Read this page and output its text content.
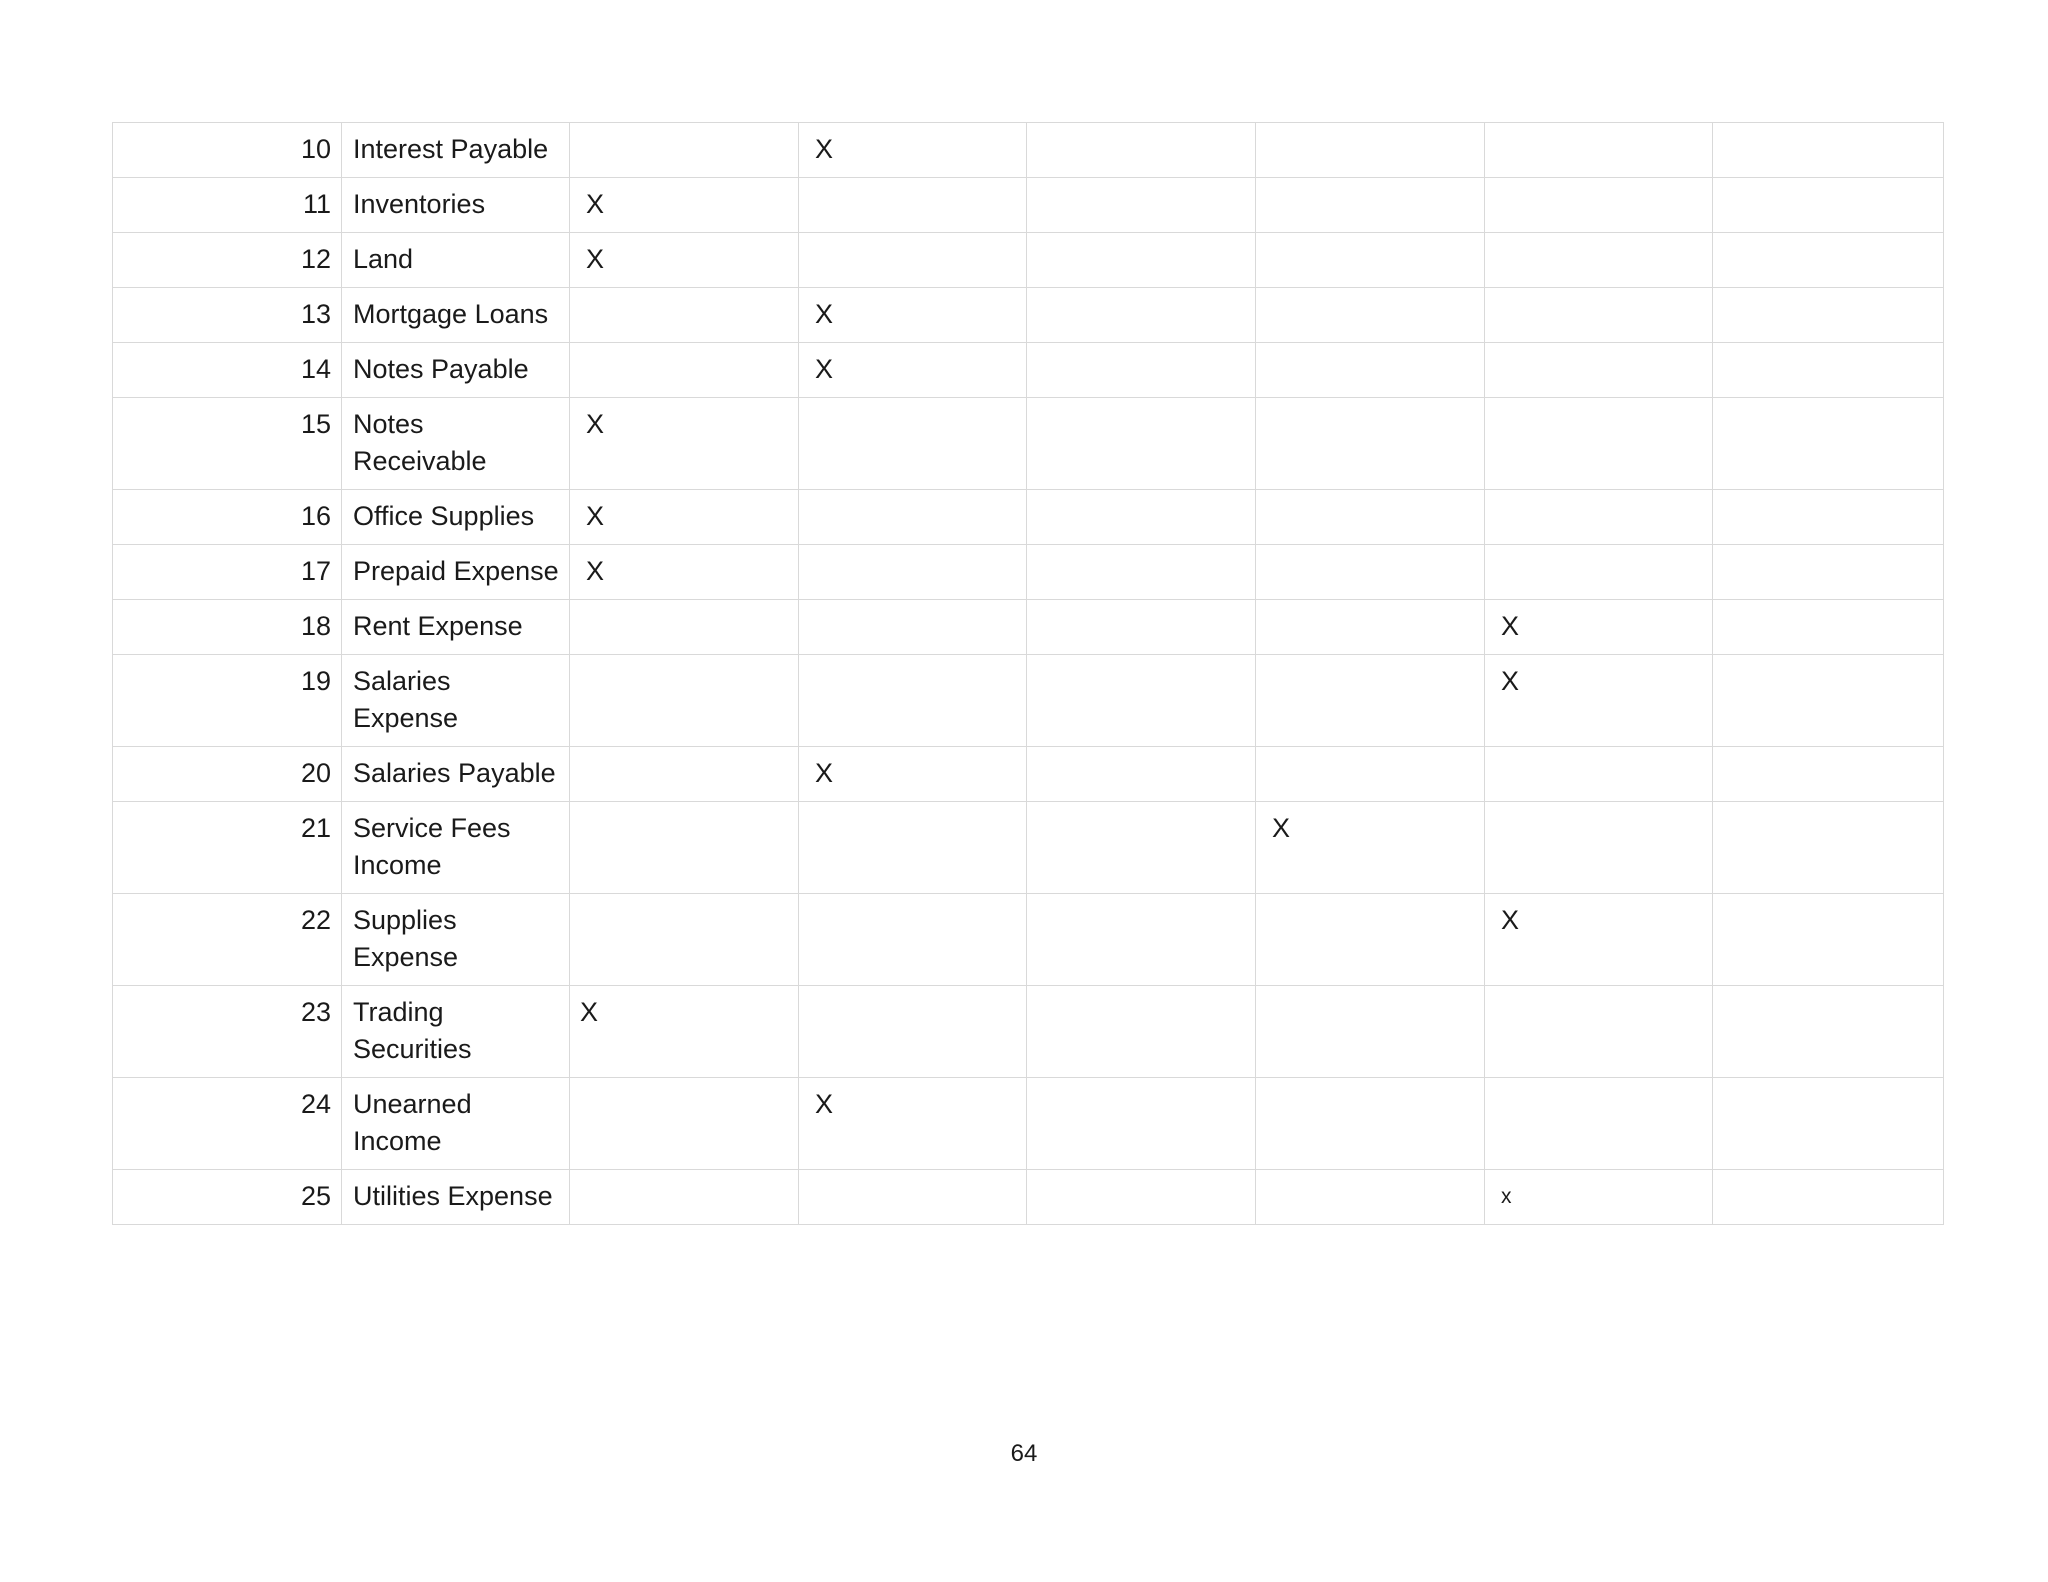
10	Interest Payable		X				
11	Inventories	X					
12	Land	X					
13	Mortgage Loans		X				
14	Notes Payable		X				
15	Notes Receivable	X					
16	Office Supplies	X					
17	Prepaid Expense	X					
18	Rent Expense					X	
19	Salaries Expense					X	
20	Salaries Payable		X				
21	Service Fees Income				X		
22	Supplies Expense					X	
23	Trading Securities	X					
24	Unearned Income		X				
25	Utilities Expense					x	
64
